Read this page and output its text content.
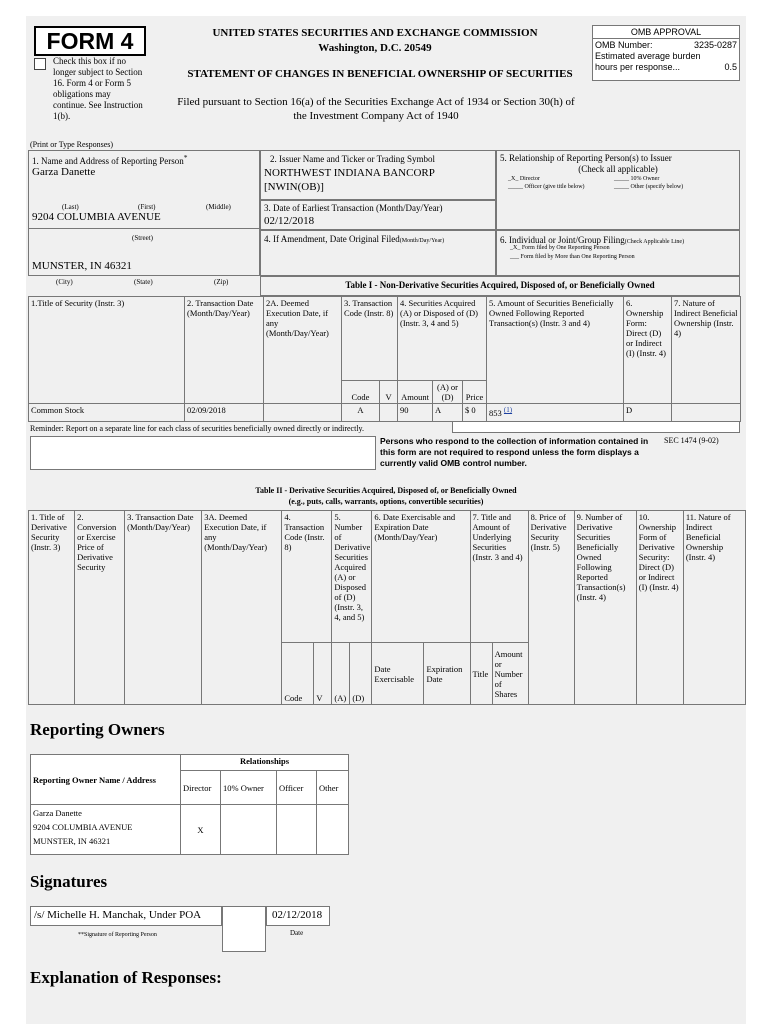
FORM 4
Check this box if no longer subject to Section 16. Form 4 or Form 5 obligations may continue. See Instruction 1(b).
UNITED STATES SECURITIES AND EXCHANGE COMMISSION
Washington, D.C. 20549
STATEMENT OF CHANGES IN BENEFICIAL OWNERSHIP OF SECURITIES
Filed pursuant to Section 16(a) of the Securities Exchange Act of 1934 or Section 30(h) of
the Investment Company Act of 1940
OMB APPROVAL
OMB Number:	3235-0287
Estimated average burden
hours per response...	0.5
(Print or Type Responses)
1. Name and Address of Reporting Person*
Garza Danette
(Last)	(First)	(Middle)
9204 COLUMBIA AVENUE
(Street)
MUNSTER, IN 46321
(City)	(State)	(Zip)
2. Issuer Name and Ticker or Trading Symbol
NORTHWEST INDIANA BANCORP
[NWIN(OB)]
3. Date of Earliest Transaction (Month/Day/Year)
02/12/2018
4. If Amendment, Date Original Filed(Month/Day/Year)
5. Relationship of Reporting Person(s) to Issuer
(Check all applicable)
_X_ Director	_____ 10% Owner
_____ Officer (give title below)	_____ Other (specify below)
6. Individual or Joint/Group Filing(Check Applicable Line)
_X_ Form filed by One Reporting Person
___ Form filed by More than One Reporting Person
Table I - Non-Derivative Securities Acquired, Disposed of, or Beneficially Owned
1.Title of Security (Instr. 3)	2. Transaction Date (Month/Day/Year)	2A. Deemed Execution Date, if any (Month/Day/Year)	3. Transaction Code (Instr. 8)		4. Securities Acquired (A) or Disposed of (D) (Instr. 3, 4 and 5)			5. Amount of Securities Beneficially Owned Following Reported Transaction(s) (Instr. 3 and 4)	6. Ownership Form: Direct (D) or Indirect (I) (Instr. 4)	7. Nature of Indirect Beneficial Ownership (Instr. 4)
			Code	V	Amount	(A) or (D)	Price			
Common Stock	02/09/2018		A		90	A	$ 0	853 $^{(1)}$	D	
Reminder: Report on a separate line for each class of securities beneficially owned directly or indirectly.
Persons who respond to the collection of information contained in this form are not required to respond unless the form displays a currently valid OMB control number.
SEC 1474 (9-02)
Table II - Derivative Securities Acquired, Disposed of, or Beneficially Owned
(e.g., puts, calls, warrants, options, convertible securities)
1. Title of Derivative Security (Instr. 3)	2. Conversion or Exercise Price of Derivative Security	3. Transaction Date (Month/Day/Year)	3A. Deemed Execution Date, if any (Month/Day/Year)	4. Transaction Code (Instr. 8)		5. Number of Derivative Securities Acquired (A) or Disposed of (D) (Instr. 3, 4, and 5)		6. Date Exercisable and Expiration Date (Month/Day/Year)		7. Title and Amount of Underlying Securities (Instr. 3 and 4)		8. Price of Derivative Security (Instr. 5)	9. Number of Derivative Securities Beneficially Owned Following Reported Transaction(s) (Instr. 4)	10. Ownership Form of Derivative Security: Direct (D) or Indirect (I) (Instr. 4)	11. Nature of Indirect Beneficial Ownership (Instr. 4)
				Code	V	(A)	(D)	Date Exercisable	Expiration Date	Title	Amount or Number of Shares				
Reporting Owners
Reporting Owner Name / Address	Relationships			
	Director	10% Owner	Officer	Other

Garza Danette
9204 COLUMBIA AVENUE
MUNSTER, IN 46321	X			
Signatures
/s/ Michelle H. Manchak, Under POA
**Signature of Reporting Person
02/12/2018
Date
Explanation of Responses:
